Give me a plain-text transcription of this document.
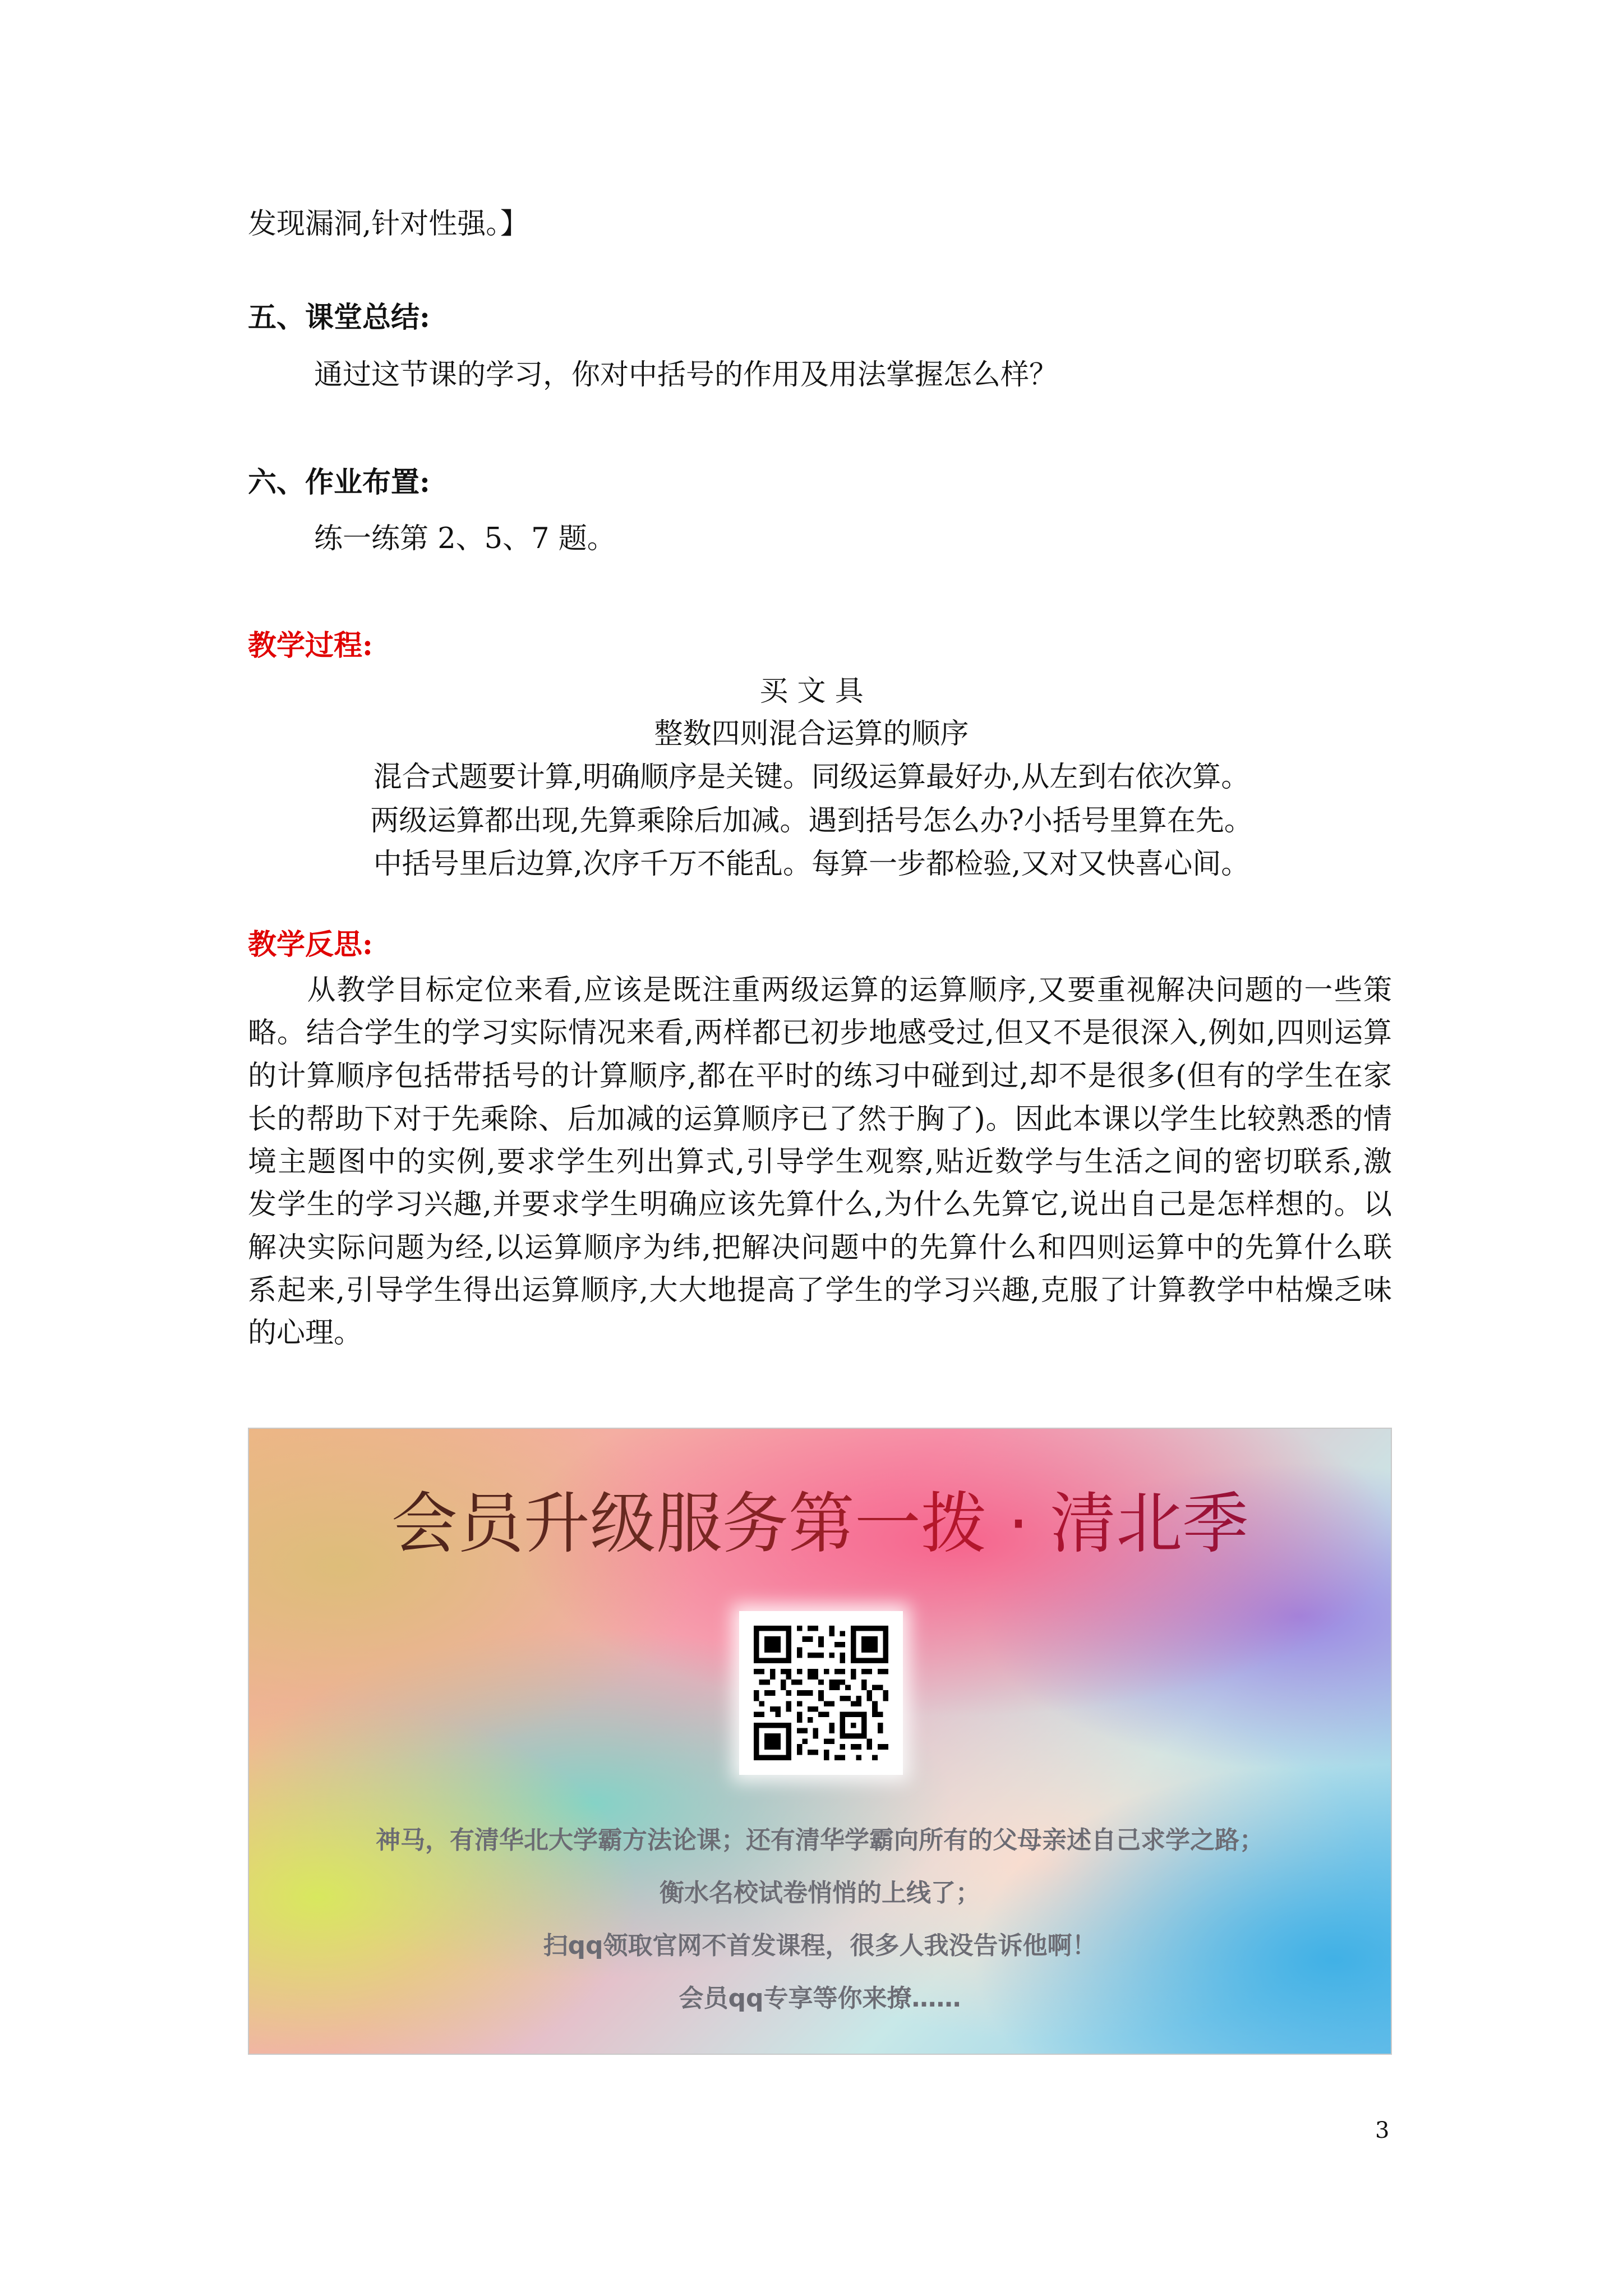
发现漏洞,针对性强。】
五、课堂总结:
通过这节课的学习，你对中括号的作用及用法掌握怎么样？
六、作业布置:
练一练第 2、5、7 题。
教学过程:
买 文 具
整数四则混合运算的顺序
混合式题要计算,明确顺序是关键。同级运算最好办,从左到右依次算。
两级运算都出现,先算乘除后加减。遇到括号怎么办?小括号里算在先。
中括号里后边算,次序千万不能乱。每算一步都检验,又对又快喜心间。
教学反思:
　　从教学目标定位来看,应该是既注重两级运算的运算顺序,又要重视解决问题的一些策
略。结合学生的学习实际情况来看,两样都已初步地感受过,但又不是很深入,例如,四则运算
的计算顺序包括带括号的计算顺序,都在平时的练习中碰到过,却不是很多(但有的学生在家
长的帮助下对于先乘除、后加减的运算顺序已了然于胸了)。因此本课以学生比较熟悉的情
境主题图中的实例,要求学生列出算式,引导学生观察,贴近数学与生活之间的密切联系,激
发学生的学习兴趣,并要求学生明确应该先算什么,为什么先算它,说出自己是怎样想的。以
解决实际问题为经,以运算顺序为纬,把解决问题中的先算什么和四则运算中的先算什么联
系起来,引导学生得出运算顺序,大大地提高了学生的学习兴趣,克服了计算教学中枯燥乏味
的心理。
会员升级服务第一拨 · 清北季
神马，有清华北大学霸方法论课；还有清华学霸向所有的父母亲述自己求学之路；
衡水名校试卷悄悄的上线了；
扫qq领取官网不首发课程，很多人我没告诉他啊！
会员qq专享等你来撩……
3
